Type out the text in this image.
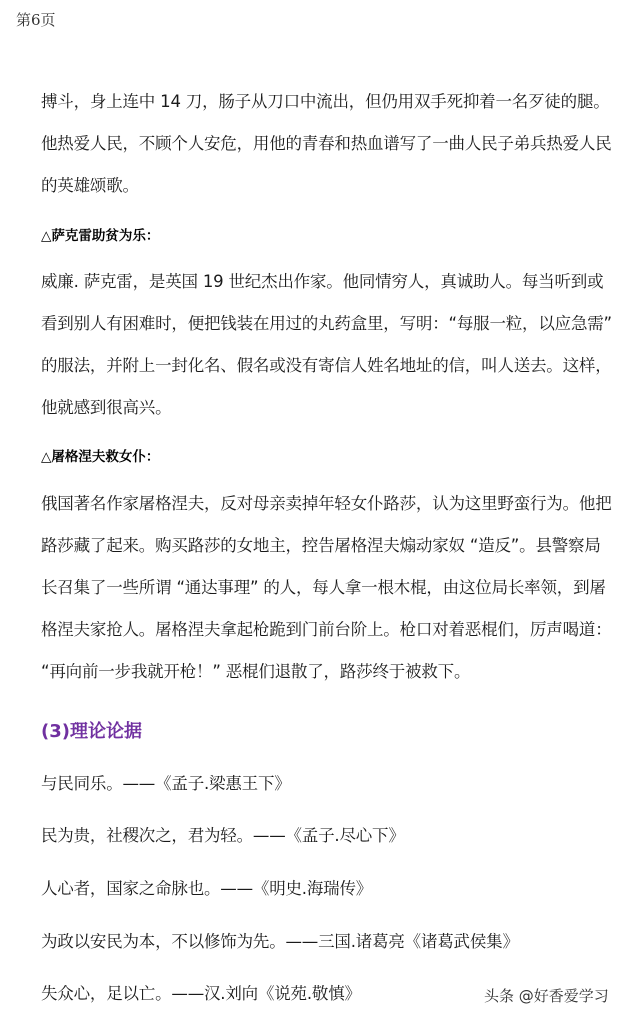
第6页
搏斗，身上连中 14 刀，肠子从刀口中流出，但仍用双手死抑着一名歹徒的腿。
他热爱人民，不顾个人安危，用他的青春和热血谱写了一曲人民子弟兵热爱人民
的英雄颂歌。
△萨克雷助贫为乐：
威廉. 萨克雷，是英国 19 世纪杰出作家。他同情穷人，真诚助人。每当听到或
看到别人有困难时，便把钱装在用过的丸药盒里，写明：“每服一粒，以应急需”
的服法，并附上一封化名、假名或没有寄信人姓名地址的信，叫人送去。这样，
他就感到很高兴。
△屠格涅夫救女仆：
俄国著名作家屠格涅夫，反对母亲卖掉年轻女仆路莎，认为这里野蛮行为。他把
路莎藏了起来。购买路莎的女地主，控告屠格涅夫煽动家奴 “造反”。县警察局
长召集了一些所谓 “通达事理” 的人，每人拿一根木棍，由这位局长率领，到屠
格涅夫家抢人。屠格涅夫拿起枪跪到门前台阶上。枪口对着恶棍们，厉声喝道：
“再向前一步我就开枪！” 恶棍们退散了，路莎终于被救下。
(3)理论论据
与民同乐。——《孟子.梁惠王下》
民为贵，社稷次之，君为轻。——《孟子.尽心下》
人心者，国家之命脉也。——《明史.海瑞传》
为政以安民为本，不以修饰为先。——三国.诸葛亮《诸葛武侯集》
失众心，足以亡。——汉.刘向《说苑.敬慎》	头条 @好香爱学习
